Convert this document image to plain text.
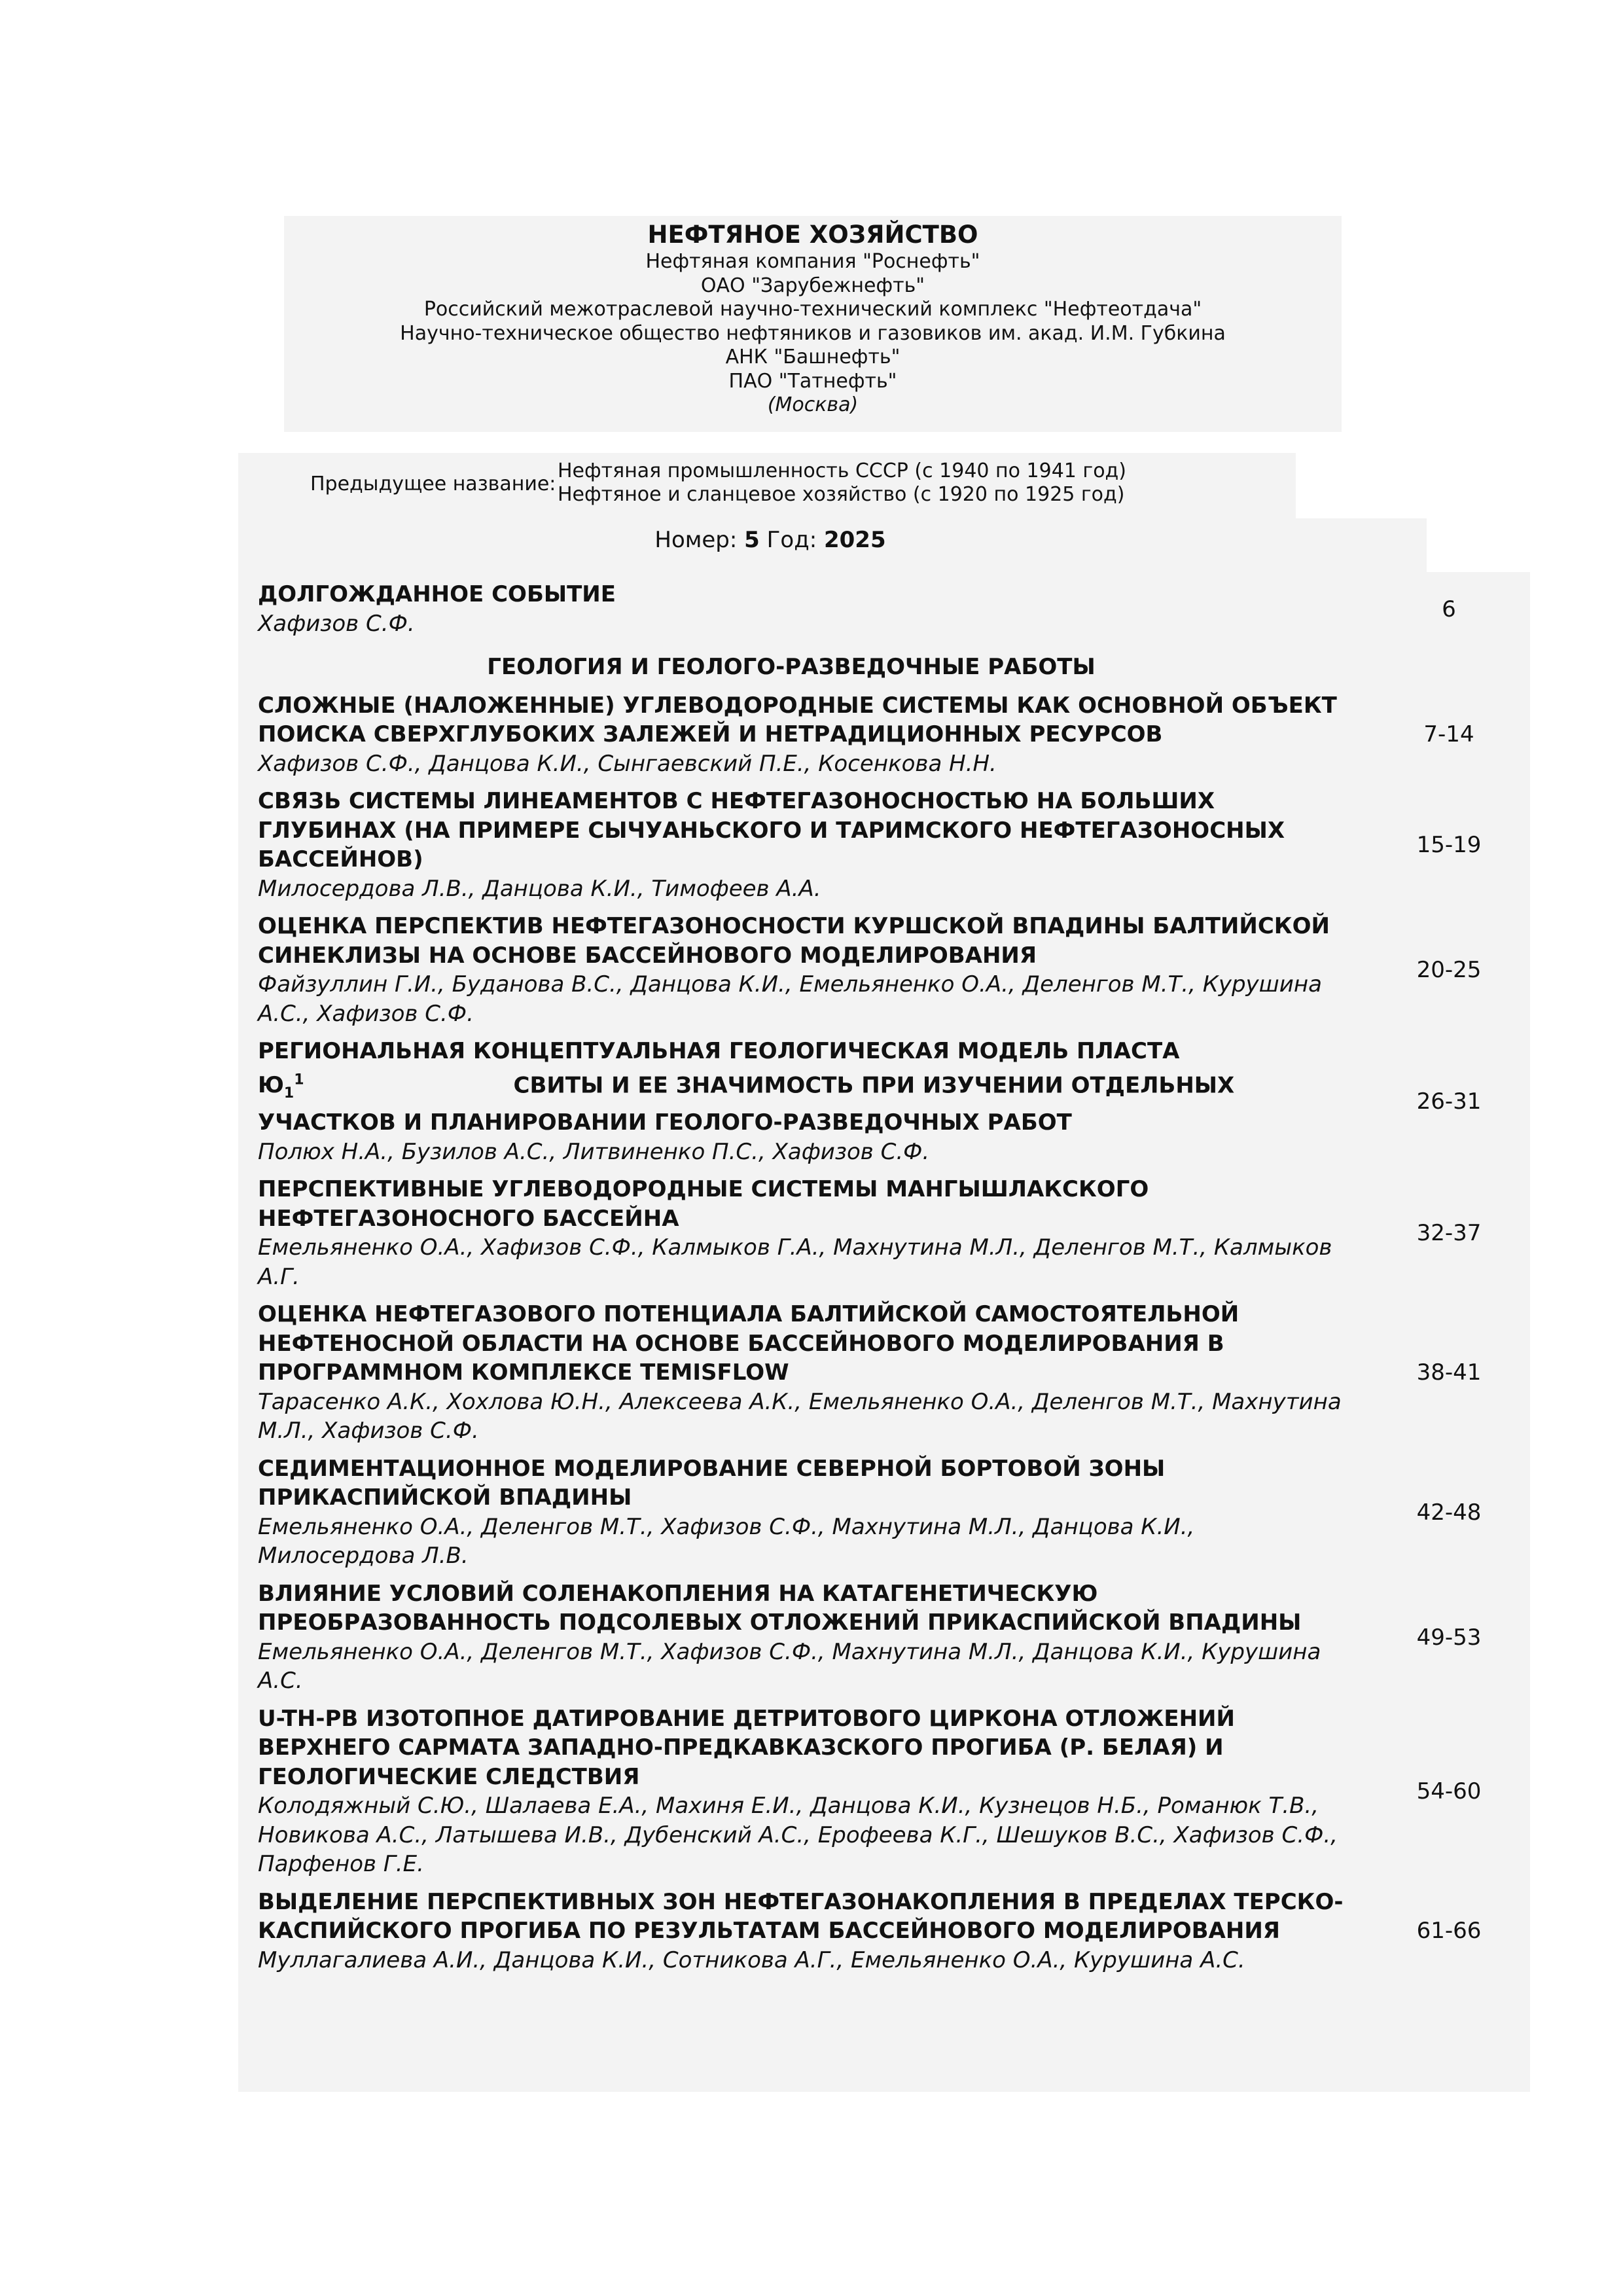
НЕФТЯНОЕ ХОЗЯЙСТВО
Нефтяная компания "Роснефть"
ОАО "Зарубежнефть"
Российский межотраслевой научно-технический комплекс "Нефтеотдача"
Научно-техническое общество нефтяников и газовиков им. акад. И.М. Губкина
АНК "Башнефть"
ПАО "Татнефть"
(Москва)
Предыдущее название:
Нефтяная промышленность СССР (с 1940 по 1941 год)
Нефтяное и сланцевое хозяйство (с 1920 по 1925 год)
Номер: 5 Год: 2025
ДОЛГОЖДАННОЕ СОБЫТИЕ
Хафизов С.Ф.
6
ГЕОЛОГИЯ И ГЕОЛОГО-РАЗВЕДОЧНЫЕ РАБОТЫ
СЛОЖНЫЕ (НАЛОЖЕННЫЕ) УГЛЕВОДОРОДНЫЕ СИСТЕМЫ КАК ОСНОВНОЙ ОБЪЕКТ ПОИСКА СВЕРХГЛУБОКИХ ЗАЛЕЖЕЙ И НЕТРАДИЦИОННЫХ РЕСУРСОВ
Хафизов С.Ф., Данцова К.И., Сынгаевский П.Е., Косенкова Н.Н.
7-14
СВЯЗЬ СИСТЕМЫ ЛИНЕАМЕНТОВ С НЕФТЕГАЗОНОСНОСТЬЮ НА БОЛЬШИХ ГЛУБИНАХ (НА ПРИМЕРЕ СЫЧУАНЬСКОГО И ТАРИМСКОГО НЕФТЕГАЗОНОСНЫХ БАССЕЙНОВ)
Милосердова Л.В., Данцова К.И., Тимофеев А.А.
15-19
ОЦЕНКА ПЕРСПЕКТИВ НЕФТЕГАЗОНОСНОСТИ КУРШСКОЙ ВПАДИНЫ БАЛТИЙСКОЙ СИНЕКЛИЗЫ НА ОСНОВЕ БАССЕЙНОВОГО МОДЕЛИРОВАНИЯ
Файзуллин Г.И., Буданова В.С., Данцова К.И., Емельяненко О.А., Деленгов М.Т., Курушина А.С., Хафизов С.Ф.
20-25
РЕГИОНАЛЬНАЯ КОНЦЕПТУАЛЬНАЯ ГЕОЛОГИЧЕСКАЯ МОДЕЛЬ ПЛАСТА
$Ю_1^1$	СВИТЫ И ЕЕ ЗНАЧИМОСТЬ ПРИ ИЗУЧЕНИИ ОТДЕЛЬНЫХ УЧАСТКОВ И ПЛАНИРОВАНИИ ГЕОЛОГО-РАЗВЕДОЧНЫХ РАБОТ
Полюх Н.А., Бузилов А.С., Литвиненко П.С., Хафизов С.Ф.
26-31
ПЕРСПЕКТИВНЫЕ УГЛЕВОДОРОДНЫЕ СИСТЕМЫ МАНГЫШЛАКСКОГО НЕФТЕГАЗОНОСНОГО БАССЕЙНА
Емельяненко О.А., Хафизов С.Ф., Калмыков Г.А., Махнутина М.Л., Деленгов М.Т., Калмыков А.Г.
32-37
ОЦЕНКА НЕФТЕГАЗОВОГО ПОТЕНЦИАЛА БАЛТИЙСКОЙ САМОСТОЯТЕЛЬНОЙ НЕФТЕНОСНОЙ ОБЛАСТИ НА ОСНОВЕ БАССЕЙНОВОГО МОДЕЛИРОВАНИЯ В ПРОГРАММНОМ КОМПЛЕКСЕ TEMISFLOW
Тарасенко А.К., Хохлова Ю.Н., Алексеева А.К., Емельяненко О.А., Деленгов М.Т., Махнутина М.Л., Хафизов С.Ф.
38-41
СЕДИМЕНТАЦИОННОЕ МОДЕЛИРОВАНИЕ СЕВЕРНОЙ БОРТОВОЙ ЗОНЫ ПРИКАСПИЙСКОЙ ВПАДИНЫ
Емельяненко О.А., Деленгов М.Т., Хафизов С.Ф., Махнутина М.Л., Данцова К.И., Милосердова Л.В.
42-48
ВЛИЯНИЕ УСЛОВИЙ СОЛЕНАКОПЛЕНИЯ НА КАТАГЕНЕТИЧЕСКУЮ ПРЕОБРАЗОВАННОСТЬ ПОДСОЛЕВЫХ ОТЛОЖЕНИЙ ПРИКАСПИЙСКОЙ ВПАДИНЫ
Емельяненко О.А., Деленгов М.Т., Хафизов С.Ф., Махнутина М.Л., Данцова К.И., Курушина А.С.
49-53
U-TH-PB ИЗОТОПНОЕ ДАТИРОВАНИЕ ДЕТРИТОВОГО ЦИРКОНА ОТЛОЖЕНИЙ ВЕРХНЕГО САРМАТА ЗАПАДНО-ПРЕДКАВКАЗСКОГО ПРОГИБА (Р. БЕЛАЯ) И ГЕОЛОГИЧЕСКИЕ СЛЕДСТВИЯ
Колодяжный С.Ю., Шалаева Е.А., Махиня Е.И., Данцова К.И., Кузнецов Н.Б., Романюк Т.В., Новикова А.С., Латышева И.В., Дубенский А.С., Ерофеева К.Г., Шешуков В.С., Хафизов С.Ф., Парфенов Г.Е.
54-60
ВЫДЕЛЕНИЕ ПЕРСПЕКТИВНЫХ ЗОН НЕФТЕГАЗОНАКОПЛЕНИЯ В ПРЕДЕЛАХ ТЕРСКО-КАСПИЙСКОГО ПРОГИБА ПО РЕЗУЛЬТАТАМ БАССЕЙНОВОГО МОДЕЛИРОВАНИЯ
Муллагалиева А.И., Данцова К.И., Сотникова А.Г., Емельяненко О.А., Курушина А.С.
61-66
